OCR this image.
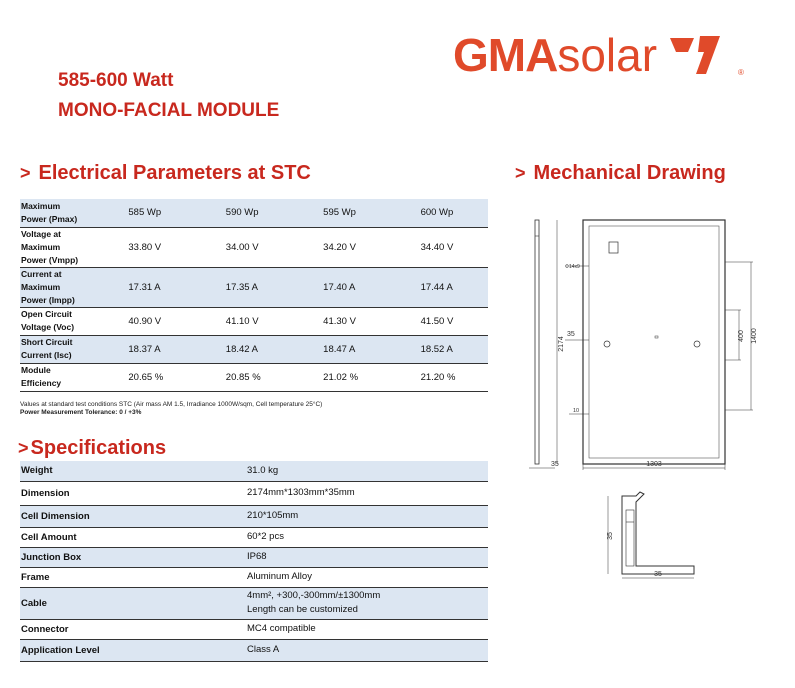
585-600 Watt
MONO-FACIAL MODULE
GMAsolar	®
> Electrical Parameters at STC	> Mechanical Drawing
Maximum
Power (Pmax)	585 Wp	590 Wp	595 Wp	600 Wp

Voltage at
Maximum
Power (Vmpp)	33.80 V	34.00 V	34.20 V	34.40 V

Current at
Maximum
Power (Impp)	17.31 A	17.35 A	17.40 A	17.44 A

Open Circuit
Voltage (Voc)	40.90 V	41.10 V	41.30 V	41.50 V

Short Circuit
Current (Isc)	18.37 A	18.42 A	18.47 A	18.52 A

Module
Efficiency	20.65 %	20.85 %	21.02 %	21.20 %
Values at standard test conditions STC (Air mass AM 1.5, Irradiance 1000W/sqm, Cell temperature 25°C)
Power Measurement Tolerance: 0 / +3%
> Specifications
Weight	31.0 kg

Dimension	2174mm*1303mm*35mm

Cell Dimension	210*105mm

Cell Amount	60*2 pcs

Junction Box	IP68

Frame	Aluminum Alloy

Cable	4mm², +300,-300mm/±1300mm
Length can be customized

Connector	MC4 compatible

Application Level	Class A
Φ14x9
35
2174
400 1400
10
1303
35
35
35
